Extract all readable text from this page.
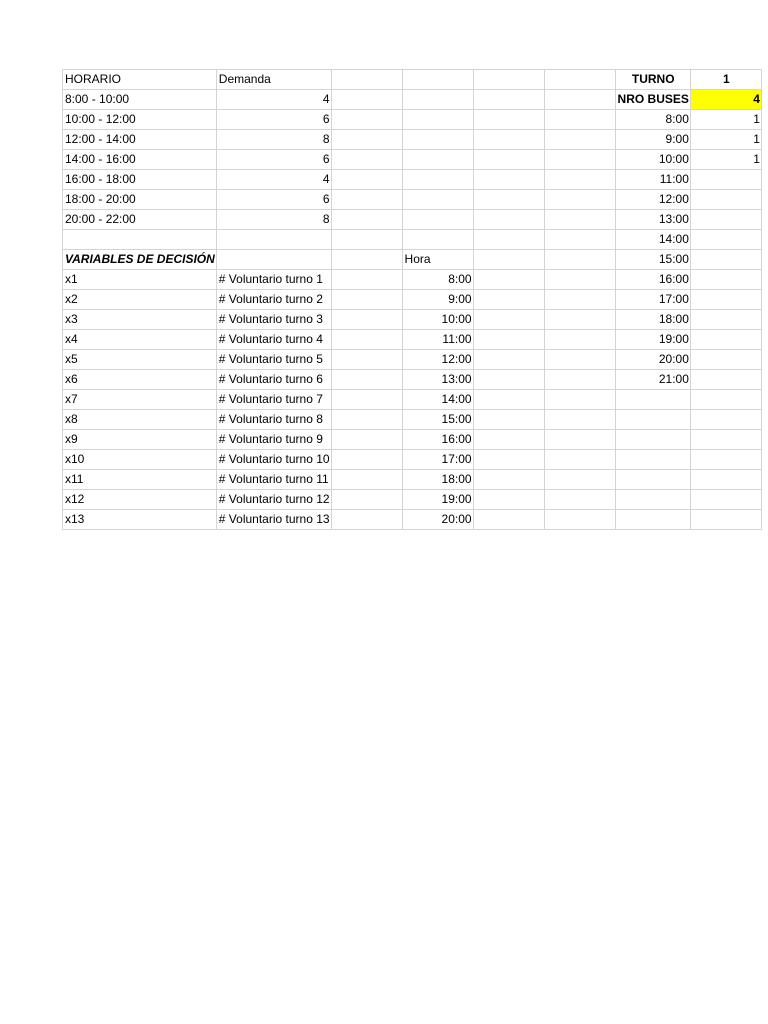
HORARIO	Demanda					TURNO	1
8:00 - 10:00	4					NRO BUSES	4
10:00 - 12:00	6					8:00	1
12:00 - 14:00	8					9:00	1
14:00 - 16:00	6					10:00	1
16:00 - 18:00	4					11:00	
18:00 - 20:00	6					12:00	
20:00 - 22:00	8					13:00	
						14:00	
VARIABLES DE DECISIÓN			Hora			15:00	
x1	# Voluntario turno 1		8:00			16:00	
x2	# Voluntario turno 2		9:00			17:00	
x3	# Voluntario turno 3		10:00			18:00	
x4	# Voluntario turno 4		11:00			19:00	
x5	# Voluntario turno 5		12:00			20:00	
x6	# Voluntario turno 6		13:00			21:00	
x7	# Voluntario turno 7		14:00				
x8	# Voluntario turno 8		15:00				
x9	# Voluntario turno 9		16:00				
x10	# Voluntario turno 10		17:00				
x11	# Voluntario turno 11		18:00				
x12	# Voluntario turno 12		19:00				
x13	# Voluntario turno 13		20:00				
